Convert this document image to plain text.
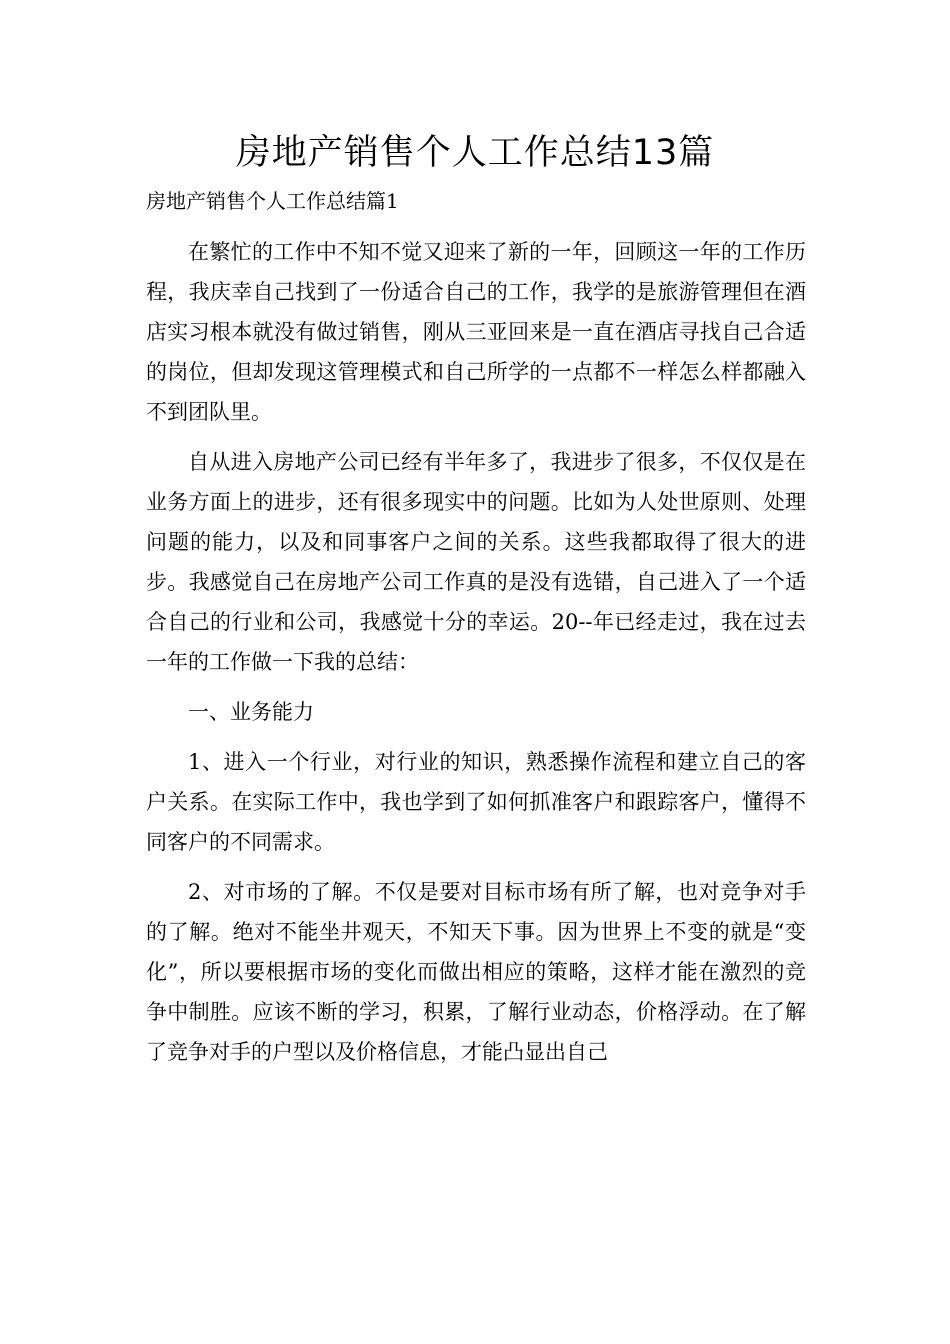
房地产销售个人工作总结13篇
房地产销售个人工作总结篇1

在繁忙的工作中不知不觉又迎来了新的一年，回顾这一年的工作历程，我庆幸自己找到了一份适合自己的工作，我学的是旅游管理但在酒店实习根本就没有做过销售，刚从三亚回来是一直在酒店寻找自己合适的岗位，但却发现这管理模式和自己所学的一点都不一样怎么样都融入不到团队里。

自从进入房地产公司已经有半年多了，我进步了很多，不仅仅是在业务方面上的进步，还有很多现实中的问题。比如为人处世原则、处理问题的能力，以及和同事客户之间的关系。这些我都取得了很大的进步。我感觉自己在房地产公司工作真的是没有选错，自己进入了一个适合自己的行业和公司，我感觉十分的幸运。20--年已经走过，我在过去一年的工作做一下我的总结：

一、业务能力

1、进入一个行业，对行业的知识，熟悉操作流程和建立自己的客户关系。在实际工作中，我也学到了如何抓准客户和跟踪客户，懂得不同客户的不同需求。

2、对市场的了解。不仅是要对目标市场有所了解，也对竞争对手的了解。绝对不能坐井观天，不知天下事。因为世界上不变的就是“变化”，所以要根据市场的变化而做出相应的策略，这样才能在激烈的竞争中制胜。应该不断的学习，积累，了解行业动态，价格浮动。在了解了竞争对手的户型以及价格信息，才能凸显出自己
